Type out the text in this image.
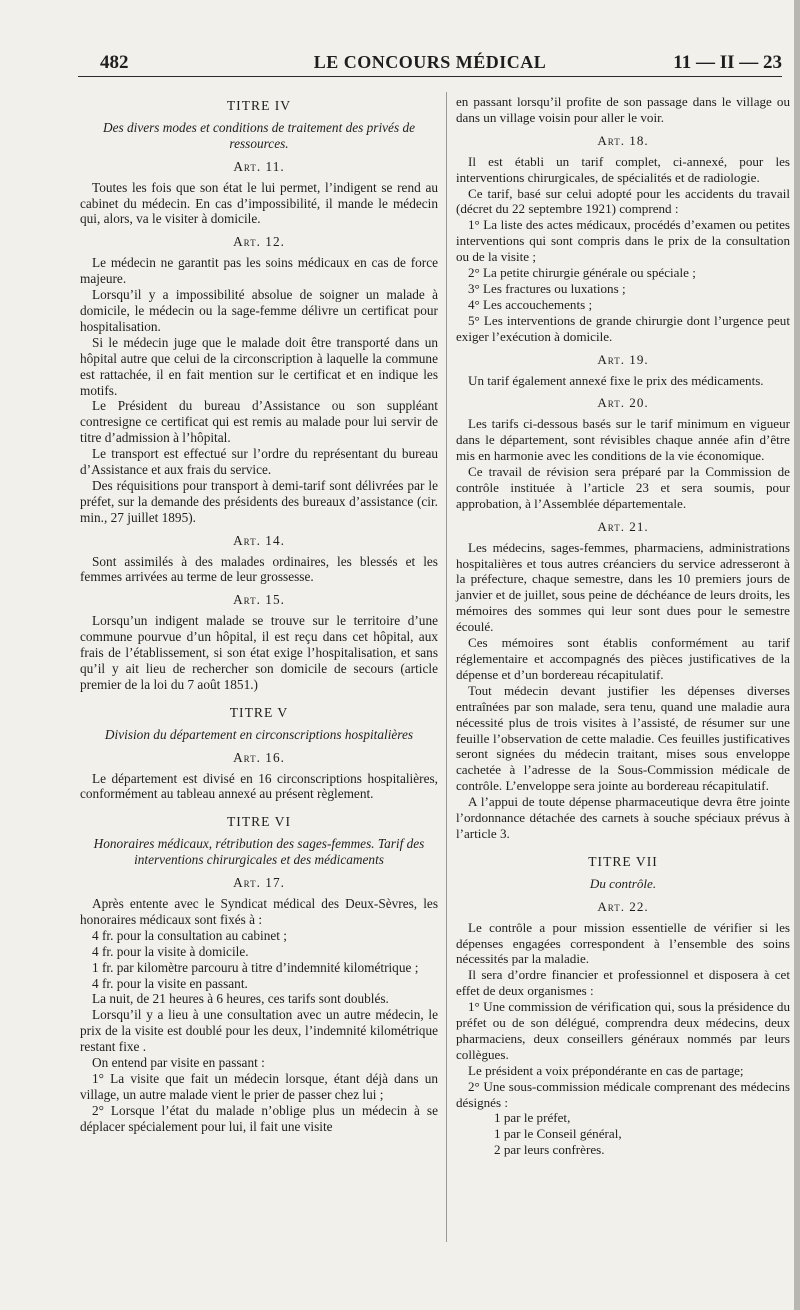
482	LE CONCOURS MÉDICAL	11 — II — 23
TITRE IV
Des divers modes et conditions de traitement des privés de ressources.
Art. 11.

Toutes les fois que son état le lui permet, l’indigent se rend au cabinet du médecin. En cas d’impossibilité, il mande le médecin qui, alors, va le visiter à domicile.

Art. 12.

Le médecin ne garantit pas les soins médicaux en cas de force majeure.

Lorsqu’il y a impossibilité absolue de soigner un malade à domicile, le médecin ou la sage-femme délivre un certificat pour hospitalisation.

Si le médecin juge que le malade doit être transporté dans un hôpital autre que celui de la circonscription à laquelle la commune est rattachée, il en fait mention sur le certificat et en indique les motifs.

Le Président du bureau d’Assistance ou son suppléant contresigne ce certificat qui est remis au malade pour lui servir de titre d’admission à l’hôpital.

Le transport est effectué sur l’ordre du représentant du bureau d’Assistance et aux frais du service.

Des réquisitions pour transport à demi-tarif sont délivrées par le préfet, sur la demande des présidents des bureaux d’assistance (cir. min., 27 juillet 1895).

Art. 14.

Sont assimilés à des malades ordinaires, les blessés et les femmes arrivées au terme de leur grossesse.

Art. 15.

Lorsqu’un indigent malade se trouve sur le territoire d’une commune pourvue d’un hôpital, il est reçu dans cet hôpital, aux frais de l’établissement, si son état exige l’hospitalisation, et sans qu’il y ait lieu de rechercher son domicile de secours (article premier de la loi du 7 août 1851.)

TITRE V
Division du département en circonscriptions hospitalières
Art. 16.

Le département est divisé en 16 circonscriptions hospitalières, conformément au tableau annexé au présent règlement.

TITRE VI
Honoraires médicaux, rétribution des sages-femmes. Tarif des interventions chirurgicales et des médicaments
Art. 17.

Après entente avec le Syndicat médical des Deux-Sèvres, les honoraires médicaux sont fixés à :

4 fr. pour la consultation au cabinet ;

4 fr. pour la visite à domicile.

1 fr. par kilomètre parcouru à titre d’indemnité kilométrique ;

4 fr. pour la visite en passant.

La nuit, de 21 heures à 6 heures, ces tarifs sont doublés.

Lorsqu’il y a lieu à une consultation avec un autre médecin, le prix de la visite est doublé pour les deux, l’indemnité kilométrique restant fixe .

On entend par visite en passant :

1° La visite que fait un médecin lorsque, étant déjà dans un village, un autre malade vient le prier de passer chez lui ;

2° Lorsque l’état du malade n’oblige plus un médecin à se déplacer spécialement pour lui, il fait une visite

en passant lorsqu’il profite de son passage dans le village ou dans un village voisin pour aller le voir.

Art. 18.

Il est établi un tarif complet, ci-annexé, pour les interventions chirurgicales, de spécialités et de radiologie.

Ce tarif, basé sur celui adopté pour les accidents du travail (décret du 22 septembre 1921) comprend :

1° La liste des actes médicaux, procédés d’examen ou petites interventions qui sont compris dans le prix de la consultation ou de la visite ;

2° La petite chirurgie générale ou spéciale ;

3° Les fractures ou luxations ;

4° Les accouchements ;

5° Les interventions de grande chirurgie dont l’urgence peut exiger l’exécution à domicile.

Art. 19.

Un tarif également annexé fixe le prix des médicaments.

Art. 20.

Les tarifs ci-dessous basés sur le tarif minimum en vigueur dans le département, sont révisibles chaque année afin d’être mis en harmonie avec les conditions de la vie économique.

Ce travail de révision sera préparé par la Commission de contrôle instituée à l’article 23 et sera soumis, pour approbation, à l’Assemblée départementale.

Art. 21.

Les médecins, sages-femmes, pharmaciens, administrations hospitalières et tous autres créanciers du service adresseront à la préfecture, chaque semestre, dans les 10 premiers jours de janvier et de juillet, sous peine de déchéance de leurs droits, les mémoires des sommes qui leur sont dues pour le semestre écoulé.

Ces mémoires sont établis conformément au tarif réglementaire et accompagnés des pièces justificatives de la dépense et d’un bordereau récapitulatif.

Tout médecin devant justifier les dépenses diverses entraînées par son malade, sera tenu, quand une maladie aura nécessité plus de trois visites à l’assisté, de résumer sur une feuille l’observation de cette maladie. Ces feuilles justificatives seront signées du médecin traitant, mises sous enveloppe cachetée à l’adresse de la Sous-Commission médicale de contrôle. L’enveloppe sera jointe au bordereau récapitulatif.

A l’appui de toute dépense pharmaceutique devra être jointe l’ordonnance détachée des carnets à souche spéciaux prévus à l’article 3.

TITRE VII
Du contrôle.
Art. 22.

Le contrôle a pour mission essentielle de vérifier si les dépenses engagées correspondent à l’ensemble des soins nécessités par la maladie.

Il sera d’ordre financier et professionnel et disposera à cet effet de deux organismes :

1° Une commission de vérification qui, sous la présidence du préfet ou de son délégué, comprendra deux médecins, deux pharmaciens, deux conseillers généraux nommés par leurs collègues.

Le président a voix prépondérante en cas de partage;

2° Une sous-commission médicale comprenant des médecins désignés :

1 par le préfet,

1 par le Conseil général,

2 par leurs confrères.
